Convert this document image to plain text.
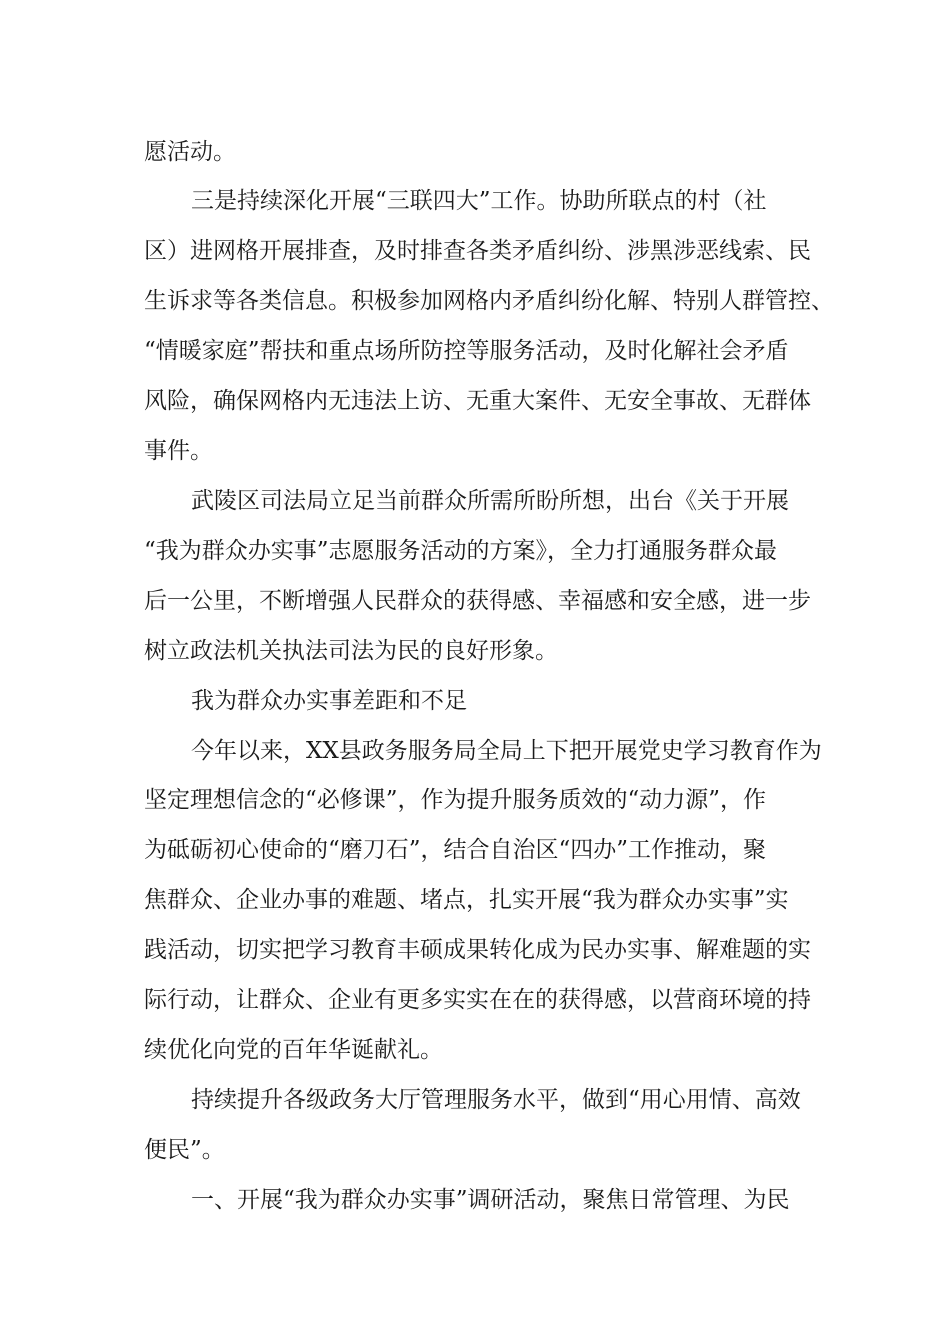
愿活动。
三是持续深化开展“三联四大”工作。协助所联点的村（社
区）进网格开展排查，及时排查各类矛盾纠纷、涉黑涉恶线索、民
生诉求等各类信息。积极参加网格内矛盾纠纷化解、特别人群管控、
“情暖家庭”帮扶和重点场所防控等服务活动，及时化解社会矛盾
风险，确保网格内无违法上访、无重大案件、无安全事故、无群体
事件。
武陵区司法局立足当前群众所需所盼所想，出台《关于开展
“我为群众办实事”志愿服务活动的方案》，全力打通服务群众最
后一公里，不断增强人民群众的获得感、幸福感和安全感，进一步
树立政法机关执法司法为民的良好形象。
我为群众办实事差距和不足
今年以来，XX县政务服务局全局上下把开展党史学习教育作为
坚定理想信念的“必修课”，作为提升服务质效的“动力源”，作
为砥砺初心使命的“磨刀石”，结合自治区“四办”工作推动，聚
焦群众、企业办事的难题、堵点，扎实开展“我为群众办实事”实
践活动，切实把学习教育丰硕成果转化成为民办实事、解难题的实
际行动，让群众、企业有更多实实在在的获得感，以营商环境的持
续优化向党的百年华诞献礼。
持续提升各级政务大厅管理服务水平，做到“用心用情、高效
便民”。
一、开展“我为群众办实事”调研活动，聚焦日常管理、为民
